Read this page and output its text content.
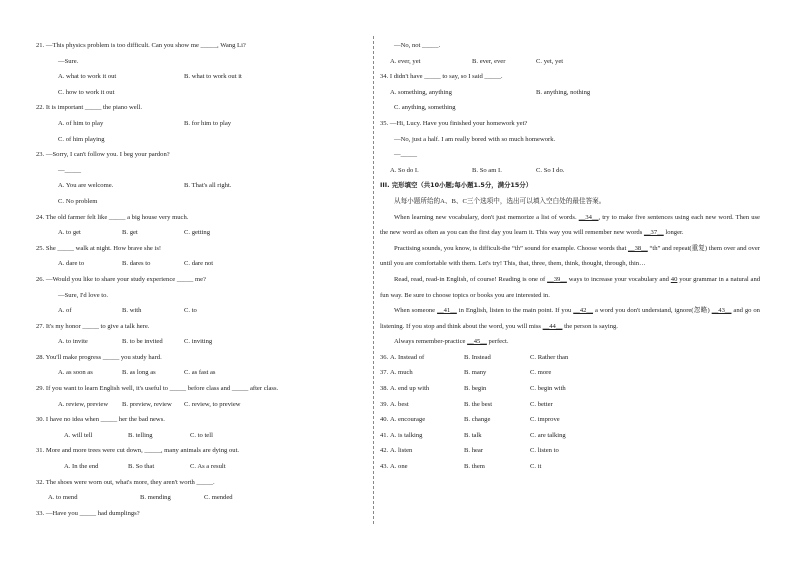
21. —This physics problem is too difficult. Can you show me _____, Wang Li?
—Sure.
A. what to work it out	B. what to work out it
C. how to work it out
22. It is important _____ the piano well.
A. of him to play	B. for him to play
C. of him playing
23. —Sorry, I can't follow you. I beg your pardon?
—_____
A. You are welcome.	B. That's all right.
C. No problem
24. The old farmer felt like _____ a big house very much.
A. to get	B. get	C. getting
25. She _____ walk at night. How brave she is!
A. dare to	B. dares to	C. dare not
26. —Would you like to share your study experience _____ me?
—Sure, I'd love to.
A. of	B. with	C. to
27. It's my honor _____ to give a talk here.
A. to invite	B. to be invited	C. inviting
28. You'll make progress _____ you study hard.
A. as soon as	B. as long as	C. as fast as
29. If you want to learn English well, it's useful to _____ before class and _____ after class.
A. review, preview B. preview, review C. review, to preview
30. I have no idea when _____ her the bad news.
A. will tell	B. telling	C. to tell
31. More and more trees were cut down, _____, many animals are dying out.
A. In the end	B. So that	C. As a result
32. The shoes were worn out, what's more, they aren't worth _____.
A. to mend	B. mending	C. mended
33. —Have you _____ had dumplings?
—No, not _____.
A. ever, yet	B. ever, ever	C. yet, yet
34. I didn't have _____ to say, so I said _____.
A. something, anything	B. anything, nothing
C. anything, something
35. —Hi, Lucy. Have you finished your homework yet?
—No, just a half. I am really bored with so much homework.
—_____
A. So do I.	B. So am I.	C. So I do.
III. 完形填空（共10小题;每小题1.5分，满分15分）
从每小题所给的A、B、C三个选项中，选出可以填入空白处的最佳答案。
When learning new vocabulary, don't just memorize a list of words. __34__, try to make five sentences using each new word. Then use the new word as often as you can the first day you learn it. This way you will remember new words __37__ longer.
Practising sounds, you know, is difficult-the “th” sound for example. Choose words that __38__ “th” and repeat(重复) them over and over until you are comfortable with them. Let's try! This, that, three, them, think, thought, through, thin…
Read, read, read-in English, of course! Reading is one of __39__ ways to increase your vocabulary and 40 your grammar in a natural and fun way. Be sure to choose topics or books you are interested in.
When someone __41__ in English, listen to the main point. If you __42__ a word you don't understand, ignore(忽略) __43__ and go on listening. If you stop and think about the word, you will miss __44__ the person is saying.
Always remember-practice __45__ perfect.
36. A. Instead of	B. Instead	C. Rather than
37. A. much	B. many	C. more
38. A. end up with	B. begin	C. begin with
39. A. best	B. the best	C. better
40. A. encourage	B. change	C. improve
41. A. is talking	B. talk	C. are talking
42. A. listen	B. hear	C. listen to
43. A. one	B. them	C. it
